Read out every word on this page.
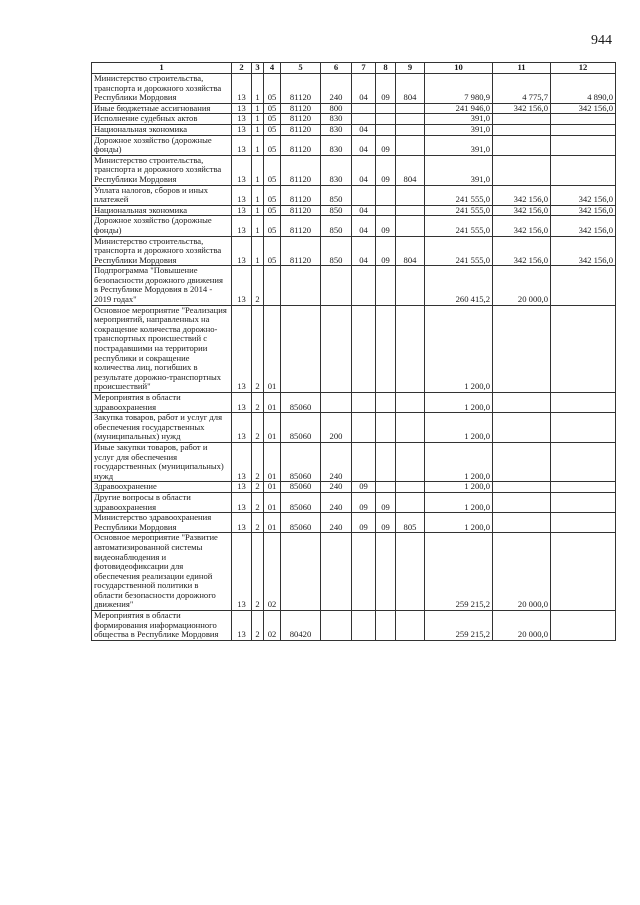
944
1	2	3	4	5	6	7	8	9	10	11	12
Министерство строительства, транспорта и дорожного хозяйства Республики Мордовия	13	1	05	81120	240	04	09	804	7 980,9	4 775,7	4 890,0
Иные бюджетные ассигнования	13	1	05	81120	800				241 946,0	342 156,0	342 156,0
Исполнение судебных актов	13	1	05	81120	830				391,0		
Национальная экономика	13	1	05	81120	830	04			391,0		
Дорожное хозяйство (дорожные фонды)	13	1	05	81120	830	04	09		391,0		
Министерство строительства, транспорта и дорожного хозяйства Республики Мордовия	13	1	05	81120	830	04	09	804	391,0		
Уплата налогов, сборов и иных платежей	13	1	05	81120	850				241 555,0	342 156,0	342 156,0
Национальная экономика	13	1	05	81120	850	04			241 555,0	342 156,0	342 156,0
Дорожное хозяйство (дорожные фонды)	13	1	05	81120	850	04	09		241 555,0	342 156,0	342 156,0
Министерство строительства, транспорта и дорожного хозяйства Республики Мордовия	13	1	05	81120	850	04	09	804	241 555,0	342 156,0	342 156,0
Подпрограмма "Повышение безопасности дорожного движения в Республике Мордовия в 2014 - 2019 годах"	13	2							260 415,2	20 000,0	
Основное мероприятие "Реализация мероприятий, направленных на сокращение количества дорожно-транспортных происшествий с пострадавшими на территории республики и сокращение количества лиц, погибших в результате дорожно-транспортных происшествий"	13	2	01						1 200,0		
Мероприятия в области здравоохранения	13	2	01	85060					1 200,0		
Закупка товаров, работ и услуг для обеспечения государственных (муниципальных) нужд	13	2	01	85060	200				1 200,0		
Иные закупки товаров, работ и услуг для обеспечения государственных (муниципальных) нужд	13	2	01	85060	240				1 200,0		
Здравоохранение	13	2	01	85060	240	09			1 200,0		
Другие вопросы в области здравоохранения	13	2	01	85060	240	09	09		1 200,0		
Министерство здравоохранения Республики Мордовия	13	2	01	85060	240	09	09	805	1 200,0		
Основное мероприятие "Развитие автоматизированной системы видеонаблюдения и фотовидеофиксации для обеспечения реализации единой государственной политики в области безопасности дорожного движения"	13	2	02						259 215,2	20 000,0	
Мероприятия в области формирования информационного общества в Республике Мордовия	13	2	02	80420					259 215,2	20 000,0	
